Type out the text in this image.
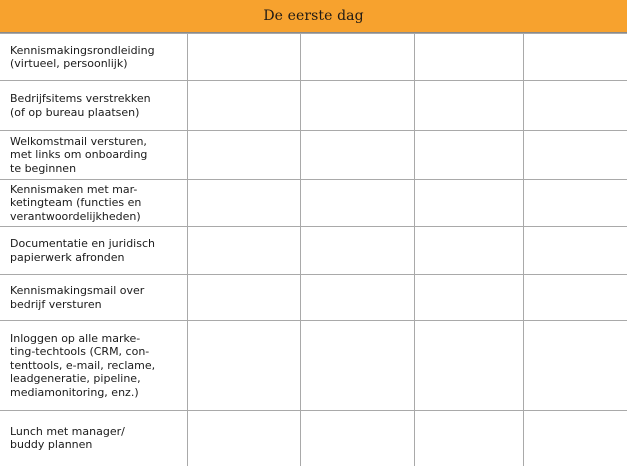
De eerste dag
Kennismakingsrondleiding
(virtueel, persoonlijk)				

Bedrijfsitems verstrekken
(of op bureau plaatsen)				

Welkomstmail versturen,
met links om onboarding
te beginnen				

Kennismaken met mar-
ketingteam (functies en
verantwoordelijkheden)				

Documentatie en juridisch
papierwerk afronden				

Kennismakingsmail over
bedrijf versturen				

Inloggen op alle marke-
ting-techtools (CRM, con-
tenttools, e-mail, reclame,
leadgeneratie, pipeline,
mediamonitoring, enz.)				

Lunch met manager/
buddy plannen				
